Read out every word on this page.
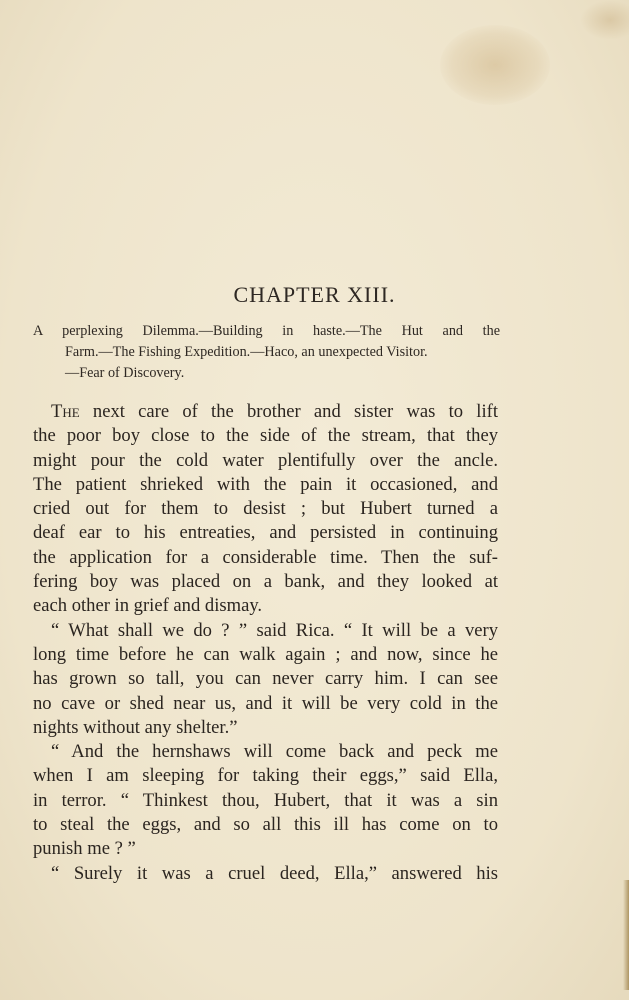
CHAPTER XIII.
A perplexing Dilemma.—Building in haste.—The Hut and the
Farm.—The Fishing Expedition.—Haco, an unexpected Visitor.
—Fear of Discovery.
The next care of the brother and sister was to lift
the poor boy close to the side of the stream, that they
might pour the cold water plentifully over the ancle.
The patient shrieked with the pain it occasioned, and
cried out for them to desist ; but Hubert turned a
deaf ear to his entreaties, and persisted in continuing
the application for a considerable time. Then the suf-
fering boy was placed on a bank, and they looked at
each other in grief and dismay.
“ What shall we do ? ” said Rica. “ It will be a very
long time before he can walk again ; and now, since he
has grown so tall, you can never carry him. I can see
no cave or shed near us, and it will be very cold in the
nights without any shelter.”
“ And the hernshaws will come back and peck me
when I am sleeping for taking their eggs,” said Ella,
in terror. “ Thinkest thou, Hubert, that it was a sin
to steal the eggs, and so all this ill has come on to
punish me ? ”
“ Surely it was a cruel deed, Ella,” answered his
